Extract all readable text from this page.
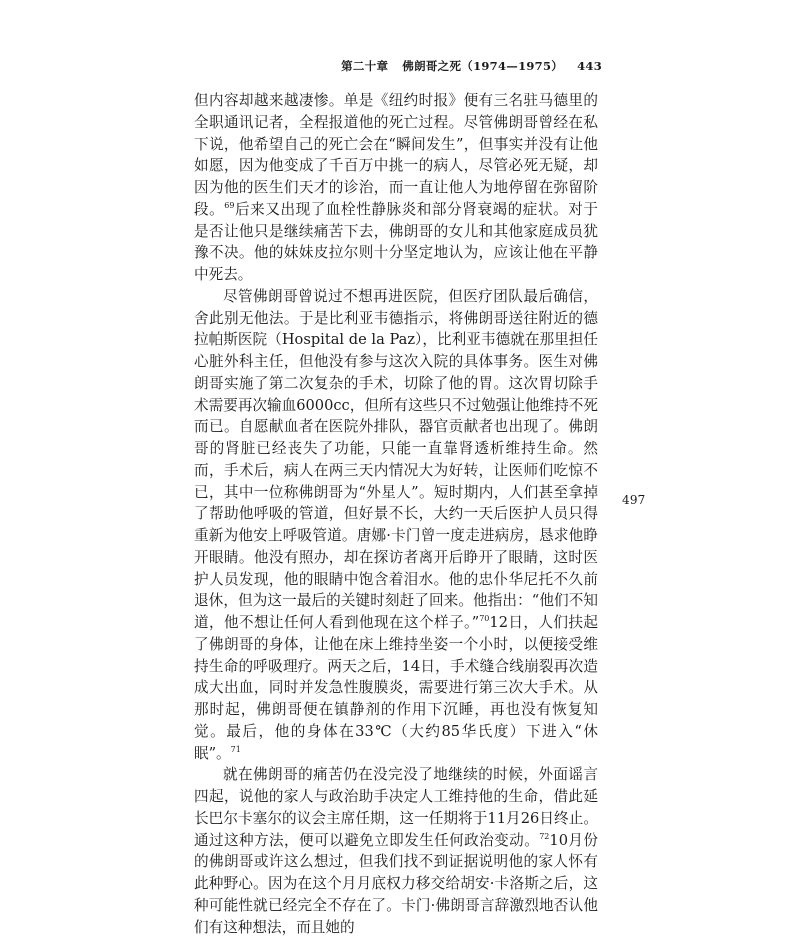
第二十章 佛朗哥之死（1974—1975） 443

但内容却越来越凄惨。单是《纽约时报》便有三名驻马德里的全职通讯记者，全程报道他的死亡过程。尽管佛朗哥曾经在私下说，他希望自己的死亡会在“瞬间发生”，但事实并没有让他如愿，因为他变成了千百万中挑一的病人，尽管必死无疑，却因为他的医生们天才的诊治，而一直让他人为地停留在弥留阶段。$^{69}$后来又出现了血栓性静脉炎和部分肾衰竭的症状。对于是否让他只是继续痛苦下去，佛朗哥的女儿和其他家庭成员犹豫不决。他的妹妹皮拉尔则十分坚定地认为，应该让他在平静中死去。

尽管佛朗哥曾说过不想再进医院，但医疗团队最后确信，舍此别无他法。于是比利亚韦德指示，将佛朗哥送往附近的德拉帕斯医院（Hospital de la Paz），比利亚韦德就在那里担任心脏外科主任，但他没有参与这次入院的具体事务。医生对佛朗哥实施了第二次复杂的手术，切除了他的胃。这次胃切除手术需要再次输血6000cc，但所有这些只不过勉强让他维持不死而已。自愿献血者在医院外排队，器官贡献者也出现了。佛朗哥的肾脏已经丧失了功能，只能一直靠肾透析维持生命。然而，手术后，病人在两三天内情况大为好转，让医师们吃惊不已，其中一位称佛朗哥为“外星人”。短时期内，人们甚至拿掉了帮助他呼吸的管道，但好景不长，大约一天后医护人员只得重新为他安上呼吸管道。唐娜·卡门曾一度走进病房，恳求他睁开眼睛。他没有照办，却在探访者离开后睁开了眼睛，这时医护人员发现，他的眼睛中饱含着泪水。他的忠仆华尼托不久前退休，但为这一最后的关键时刻赶了回来。他指出：“他们不知道，他不想让任何人看到他现在这个样子。”$^{70}$12日，人们扶起了佛朗哥的身体，让他在床上维持坐姿一个小时，以便接受维持生命的呼吸理疗。两天之后，14日，手术缝合线崩裂再次造成大出血，同时并发急性腹膜炎，需要进行第三次大手术。从那时起，佛朗哥便在镇静剂的作用下沉睡，再也没有恢复知觉。最后，他的身体在33℃（大约85华氏度）下进入“休眠”。$^{71}$

就在佛朗哥的痛苦仍在没完没了地继续的时候，外面谣言四起，说他的家人与政治助手决定人工维持他的生命，借此延长巴尔卡塞尔的议会主席任期，这一任期将于11月26日终止。通过这种方法，便可以避免立即发生任何政治变动。$^{72}$10月份的佛朗哥或许这么想过，但我们找不到证据说明他的家人怀有此种野心。因为在这个月月底权力移交给胡安·卡洛斯之后，这种可能性就已经完全不存在了。卡门·佛朗哥言辞激烈地否认他们有这种想法，而且她的

497
